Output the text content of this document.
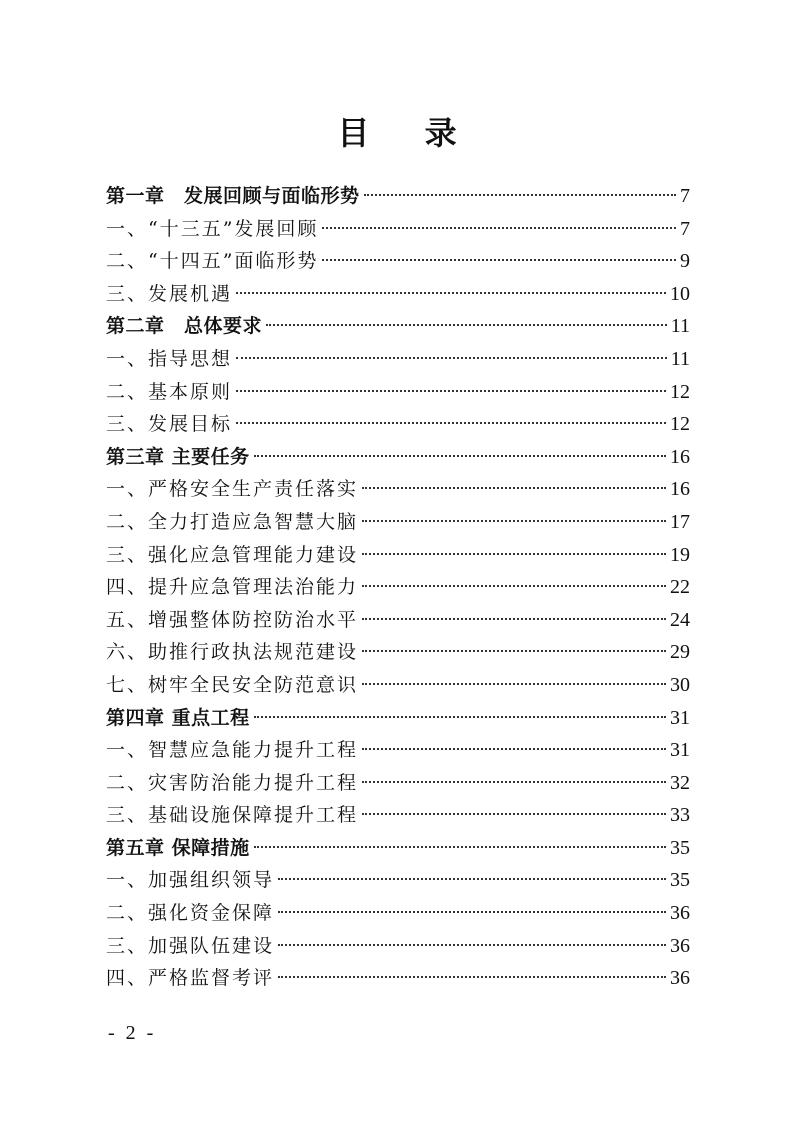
目 录
第一章　发展回顾与面临形势	7
一、“十三五”发展回顾	7
二、“十四五”面临形势	9
三、发展机遇	10
第二章　总体要求	11
一、指导思想	11
二、基本原则	12
三、发展目标	12
第三章 主要任务	16
一、严格安全生产责任落实	16
二、全力打造应急智慧大脑	17
三、强化应急管理能力建设	19
四、提升应急管理法治能力	22
五、增强整体防控防治水平	24
六、助推行政执法规范建设	29
七、树牢全民安全防范意识	30
第四章 重点工程	31
一、智慧应急能力提升工程	31
二、灾害防治能力提升工程	32
三、基础设施保障提升工程	33
第五章 保障措施	35
一、加强组织领导	35
二、强化资金保障	36
三、加强队伍建设	36
四、严格监督考评	36
- 2 -
